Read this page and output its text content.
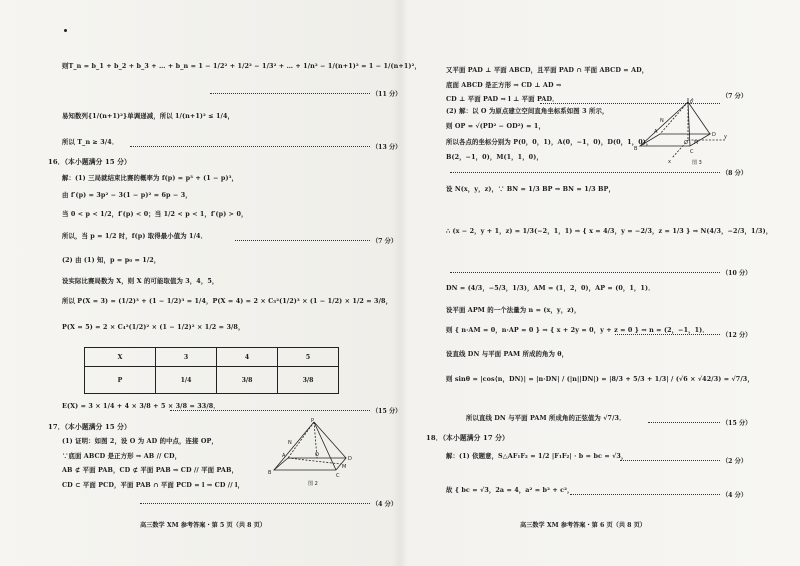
则T_n = b_1 + b_2 + b_3 + … + b_n = 1 − 1/2² + 1/2² − 1/3² + … + 1/n² − 1/(n+1)² = 1 − 1/(n+1)²，
（11 分）
易知数列{1/(n+1)²}单调递减，所以 1/(n+1)² ≤ 1/4，
所以 T_n ≥ 3/4．
（13 分）
16．（本小题满分 15 分）
解：(1) 三局就结束比赛的概率为 f(p) = p³ + (1 − p)³，
由 f′(p) = 3p² − 3(1 − p)² = 6p − 3，
当 0 < p < 1/2，f′(p) < 0；当 1/2 < p < 1，f′(p) > 0，
所以，当 p = 1/2 时，f(p) 取得最小值为 1/4．
（7 分）
(2) 由 (1) 知，p = p₀ = 1/2，
设实际比赛局数为 X，则 X 的可能取值为 3，4，5，
所以 P(X = 3) = (1/2)³ + (1 − 1/2)³ = 1/4，P(X = 4) = 2 × C₃²(1/2)³ × (1 − 1/2) × 1/2 = 3/8，
P(X = 5) = 2 × C₄²(1/2)² × (1 − 1/2)² × 1/2 = 3/8，
X	3	4	5
P	1/4	3/8	3/8
E(X) = 3 × 1/4 + 4 × 3/8 + 5 × 3/8 = 33/8．
（15 分）
17．（本小题满分 15 分）
(1) 证明：如图 2，设 O 为 AD 的中点，连接 OP，
∵底面 ABCD 是正方形 ⇒ AB // CD，
AB ⊄ 平面 PAB，CD ⊄ 平面 PAB ⇒ CD // 平面 PAB，
CD ⊂ 平面 PCD，平面 PAB ∩ 平面 PCD = l ⇒ CD // l，
（4 分）
P
N
A
M
D
B	C
O
图 2
高三数学 XM 参考答案・第 5 页（共 8 页）
又平面 PAD ⊥ 平面 ABCD，且平面 PAD ∩ 平面 ABCD = AD，
底面 ABCD 是正方形 ⇒ CD ⊥ AD ⇒
CD ⊥ 平面 PAD ⇒ l ⊥ 平面 PAD．	（7 分）
(2) 解：以 O 为原点建立空间直角坐标系如图 3 所示，
则 OP = √(PD² − OD²) = 1，
所以各点的坐标分别为 P(0，0，1)，A(0，−1，0)，D(0，1，0)，
B(2，−1，0)，M(1，1，0)，
（8 分）
P
N
A
M
D
B	C
O
x
y
z
图 3
设 N(x，y，z)，∵ BN = 1/3 BP ⇒ BN = 1/3 BP，
∴ (x − 2，y + 1，z) = 1/3(−2，1，1) ⇒ { x = 4/3，y = −2/3，z = 1/3 } ⇒ N(4/3，−2/3，1/3)，
（10 分）
DN = (4/3，−5/3，1/3)，AM = (1，2，0)，AP = (0，1，1)．
设平面 APM 的一个法量为 n = (x，y，z)，
则 { n·AM = 0，n·AP = 0 } ⇒ { x + 2y = 0，y + z = 0 } ⇒ n = (2，−1，1)．
（12 分）
设直线 DN 与平面 PAM 所成的角为 θ，
则 sinθ = |cos⟨n，DN⟩| = |n·DN| / (|n||DN|) = |8/3 + 5/3 + 1/3| / (√6 × √42/3) = √7/3，
所以直线 DN 与平面 PAM 所成角的正弦值为 √7/3．
（15 分）
18．（本小题满分 17 分）
解：(1) 依题意，S△AF₁F₂ = 1/2 |F₁F₂| · b = bc = √3，
（2 分）
故 { bc = √3，2a = 4，a² = b² + c²，
（4 分）
高三数学 XM 参考答案・第 6 页（共 8 页）
